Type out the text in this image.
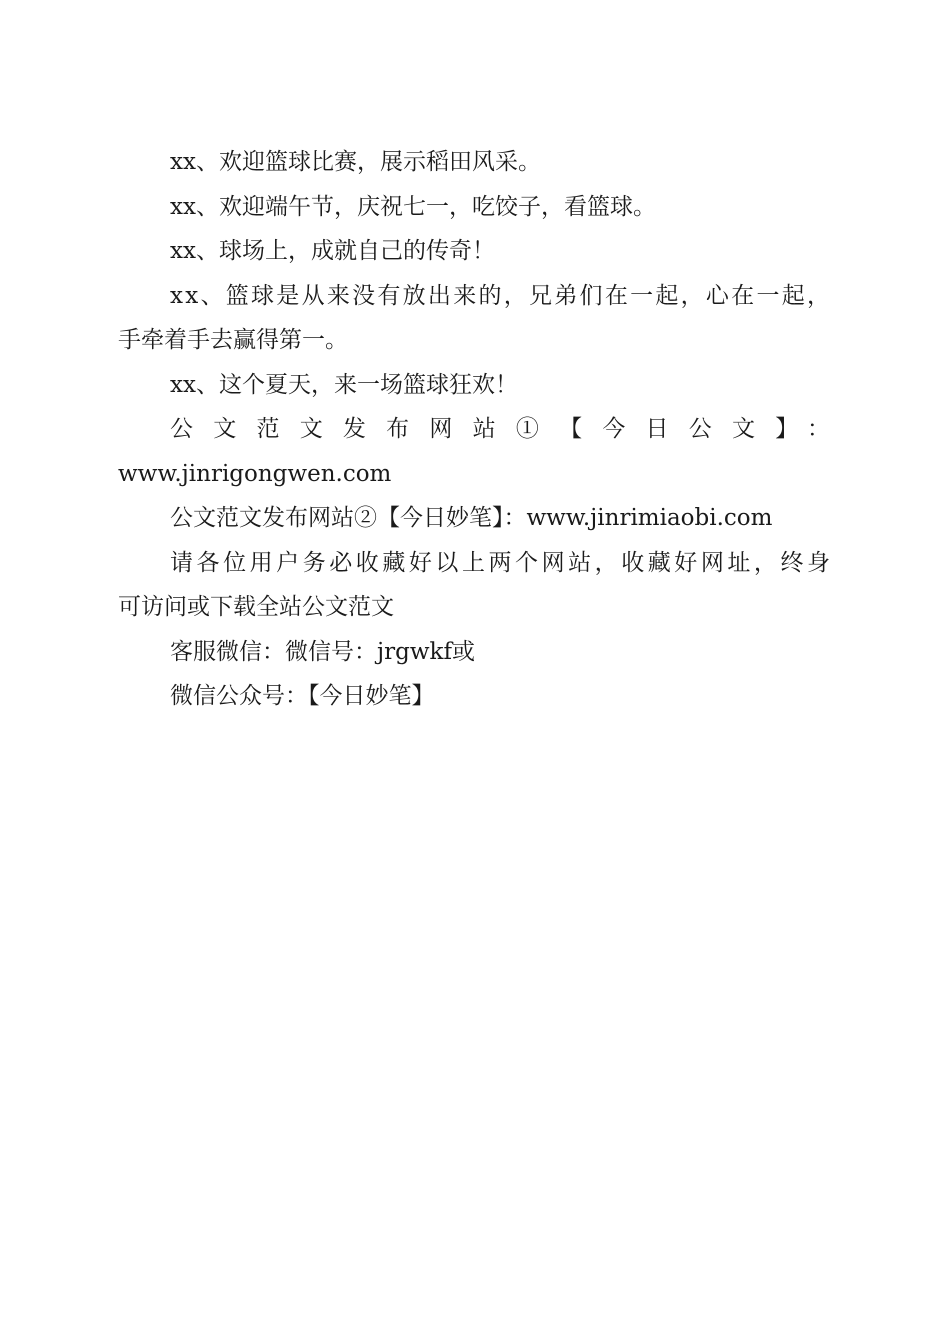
xx、欢迎篮球比赛，展示稻田风采。
xx、欢迎端午节，庆祝七一，吃饺子，看篮球。
xx、球场上，成就自己的传奇！
xx、篮球是从来没有放出来的，兄弟们在一起，心在一起，
手牵着手去赢得第一。
xx、这个夏天，来一场篮球狂欢！
公文范文发布网站①【今日公文】：
www.jinrigongwen.com
公文范文发布网站②【今日妙笔】：www.jinrimiaobi.com
请各位用户务必收藏好以上两个网站，收藏好网址，终身
可访问或下载全站公文范文
客服微信：微信号：jrgwkf或
微信公众号：【今日妙笔】
